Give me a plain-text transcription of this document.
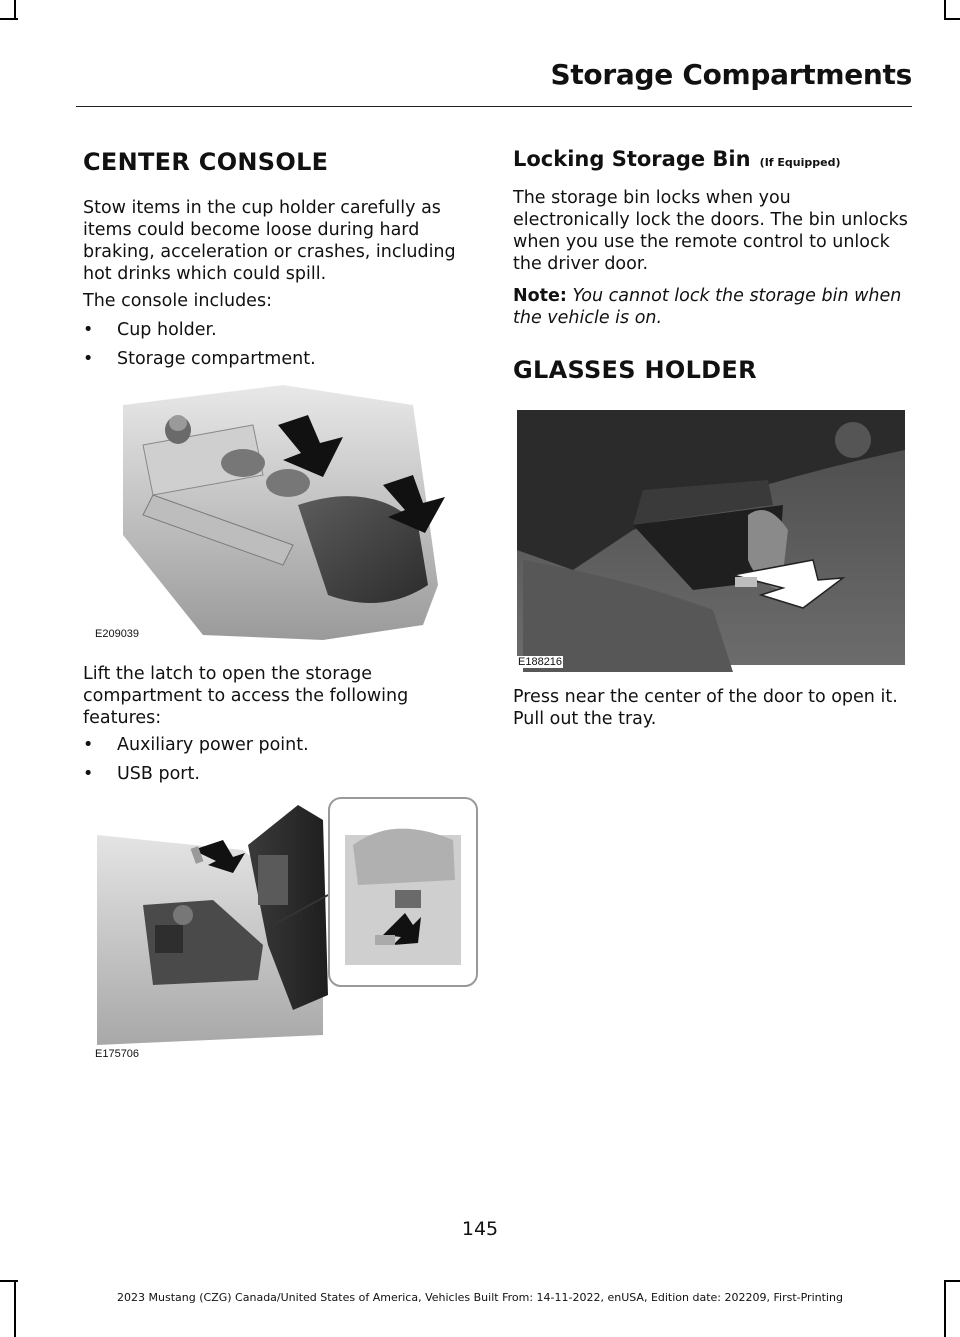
Storage Compartments
CENTER CONSOLE

Stow items in the cup holder carefully as items could become loose during hard braking, acceleration or crashes, including hot drinks which could spill.

The console includes:

• Cup holder.
• Storage compartment.
E209039

Lift the latch to open the storage compartment to access the following features:

• Auxiliary power point.
• USB port.
E175706
Locking Storage Bin (If Equipped)

The storage bin locks when you electronically lock the doors. The bin unlocks when you use the remote control to unlock the driver door.

Note: You cannot lock the storage bin when the vehicle is on.

GLASSES HOLDER
E188216

Press near the center of the door to open it. Pull out the tray.

145
2023 Mustang (CZG) Canada/United States of America, Vehicles Built From: 14-11-2022, enUSA, Edition date: 202209, First-Printing
